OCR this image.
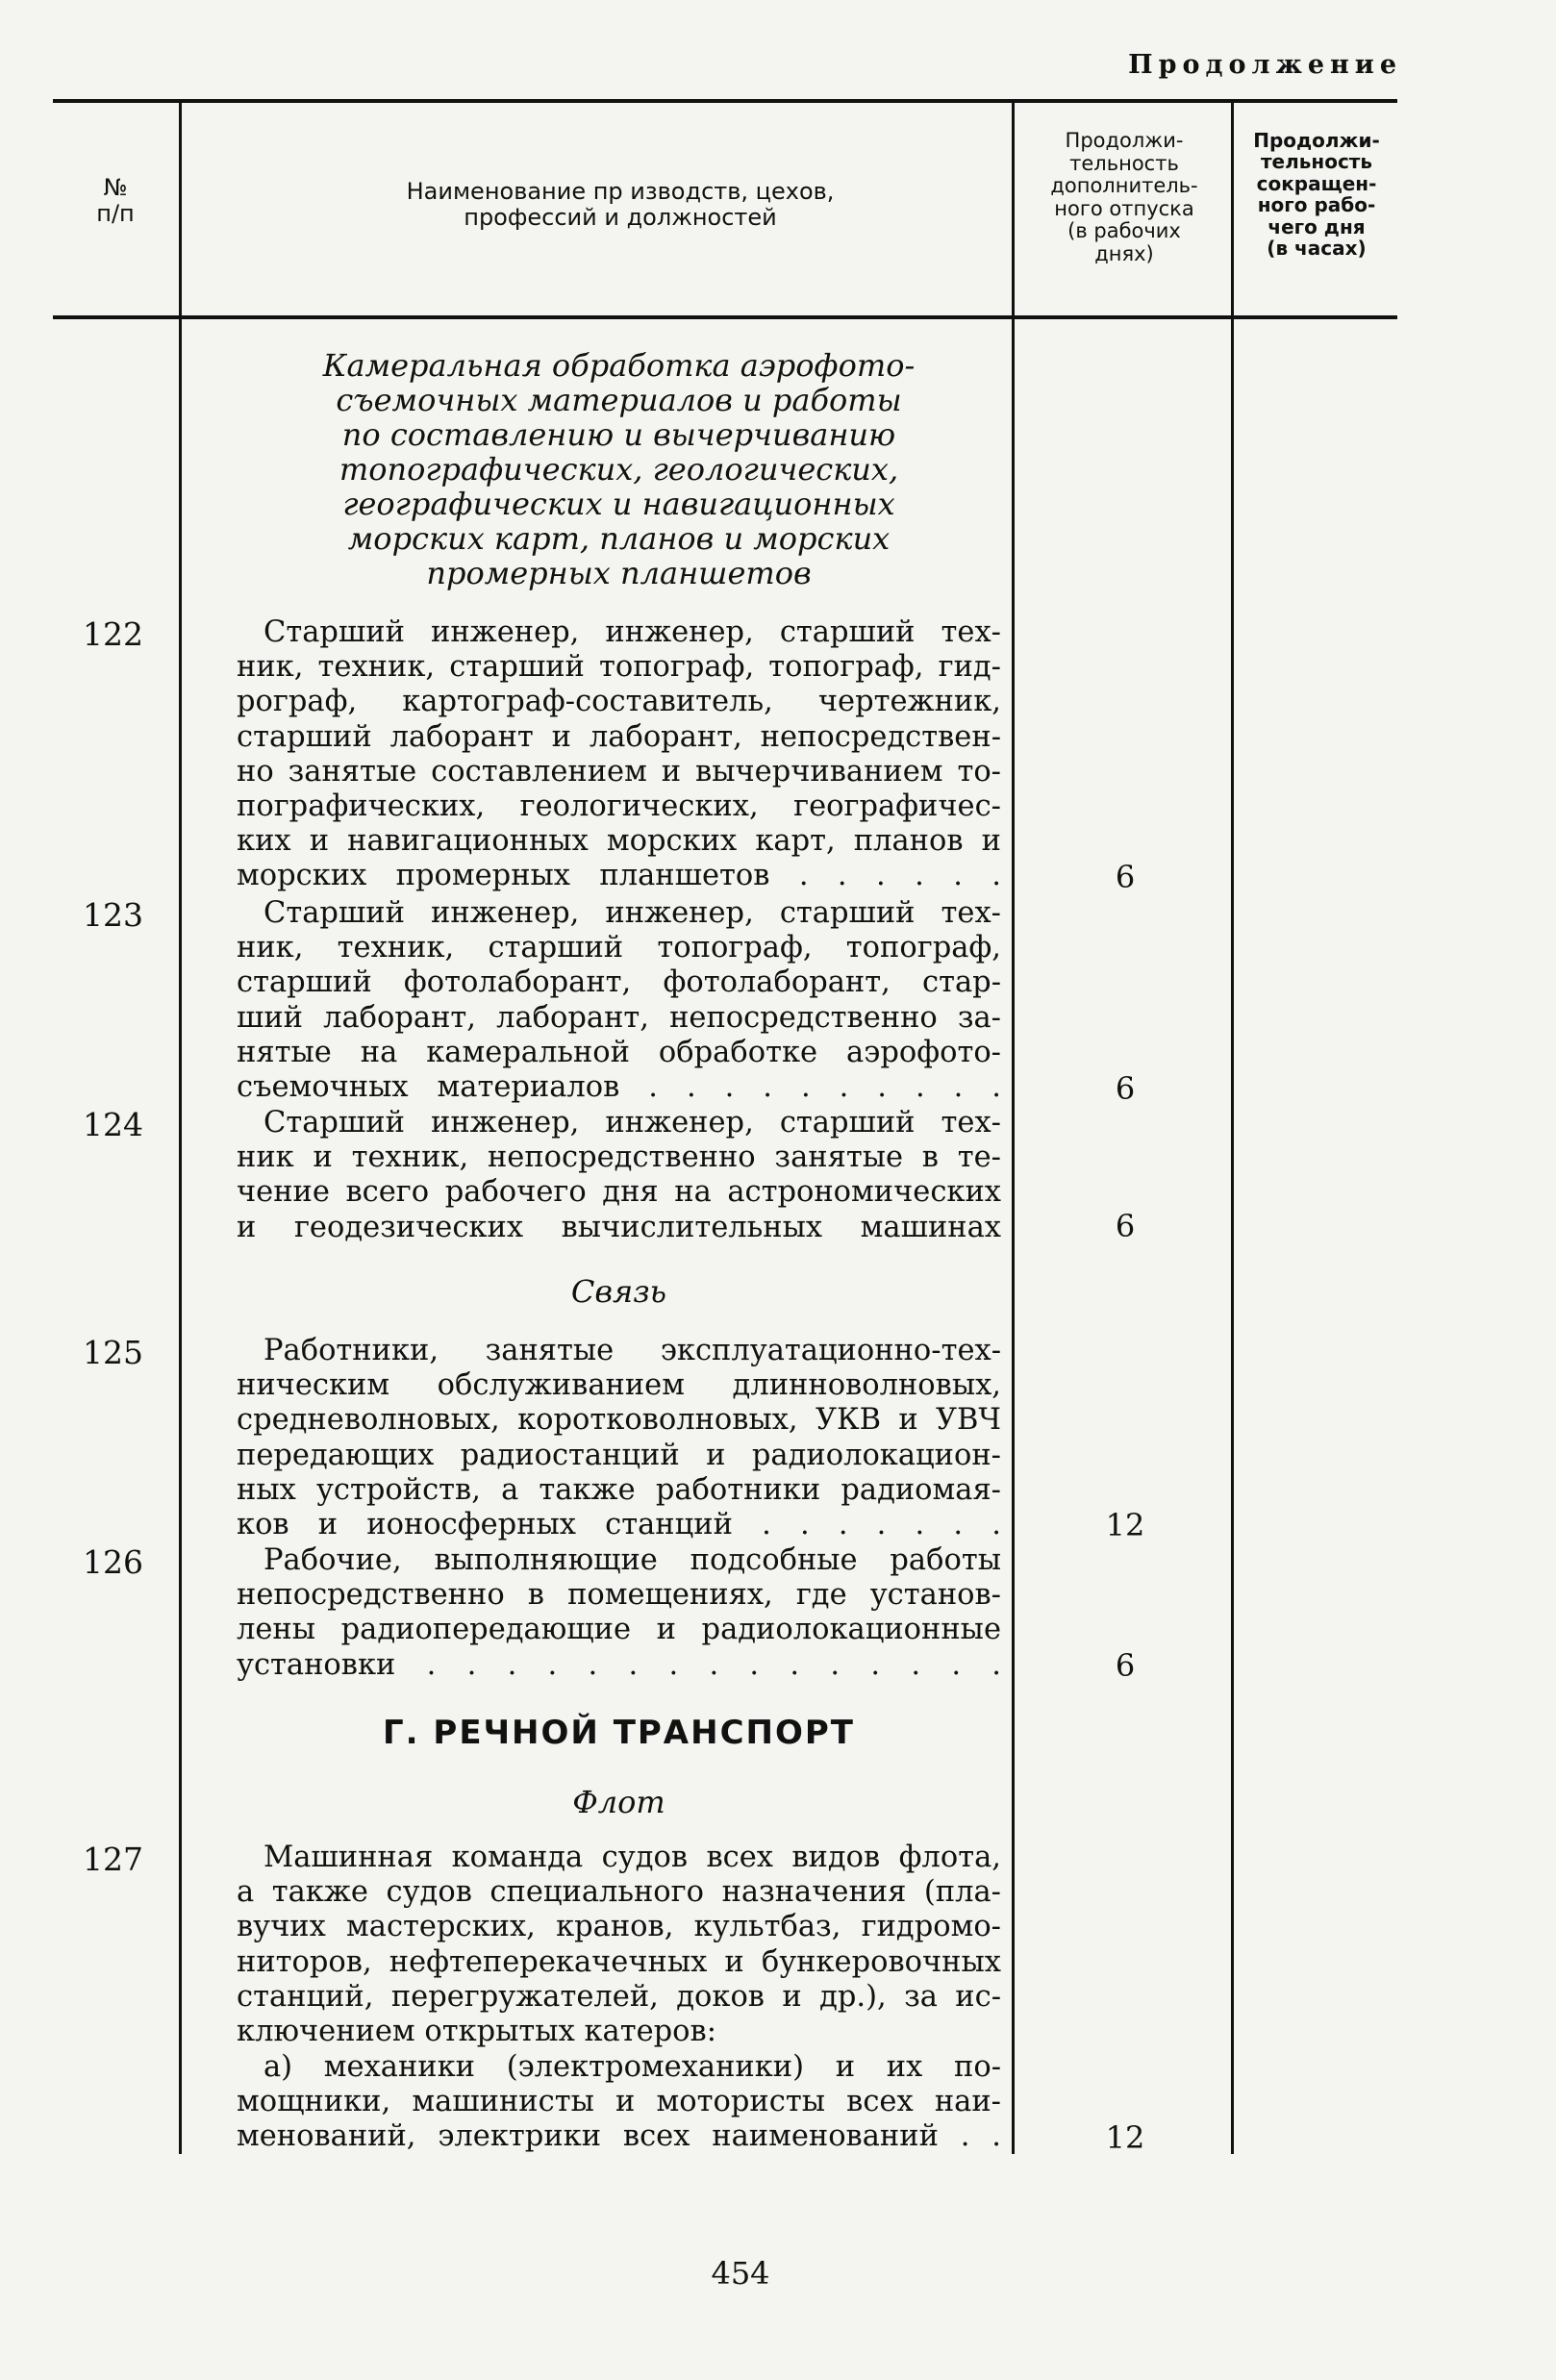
Продолжение
№
п/п
Наименование пр изводств, цехов,
профессий и должностей
Продолжи-
тельность
дополнитель-
ного отпуска
(в рабочих
днях)
Продолжи-
тельность
сокращен-
ного рабо-
чего дня
(в часах)
Камеральная обработка аэрофото-
съемочных материалов и работы
по составлению и вычерчиванию
топографических, геологических,
географических и навигационных
морских карт, планов и морских
промерных планшетов
122	Старший инженер, инженер, старший тех-
ник, техник, старший топограф, топограф, гид-
рограф, картограф-составитель, чертежник,
старший лаборант и лаборант, непосредствен-
но занятые составлением и вычерчиванием то-
пографических, геологических, географичес-
ких и навигационных морских карт, планов и
морских промерных планшетов . . . . . .	6
123	Старший инженер, инженер, старший тех-
ник, техник, старший топограф, топограф,
старший фотолаборант, фотолаборант, стар-
ший лаборант, лаборант, непосредственно за-
нятые на камеральной обработке аэрофото-
съемочных материалов . . . . . . . . . .	6
124	Старший инженер, инженер, старший тех-
ник и техник, непосредственно занятые в те-
чение всего рабочего дня на астрономических
и геодезических вычислительных машинах	6
Связь
125	Работники, занятые эксплуатационно-тех-
ническим обслуживанием длинноволновых,
средневолновых, коротковолновых, УКВ и УВЧ
передающих радиостанций и радиолокацион-
ных устройств, а также работники радиомая-
ков и ионосферных станций . . . . . . .	12
126	Рабочие, выполняющие подсобные работы
непосредственно в помещениях, где установ-
лены радиопередающие и радиолокационные
установки . . . . . . . . . . . . . . .	6
Г. РЕЧНОЙ ТРАНСПОРТ
Флот
127	Машинная команда судов всех видов флота,
а также судов специального назначения (пла-
вучих мастерских, кранов, культбаз, гидромо-
ниторов, нефтеперекачечных и бункеровочных
станций, перегружателей, доков и др.), за ис-
ключением открытых катеров:
а) механики (электромеханики) и их по-
мощники, машинисты и мотористы всех наи-
менований, электрики всех наименований . .	12
454
